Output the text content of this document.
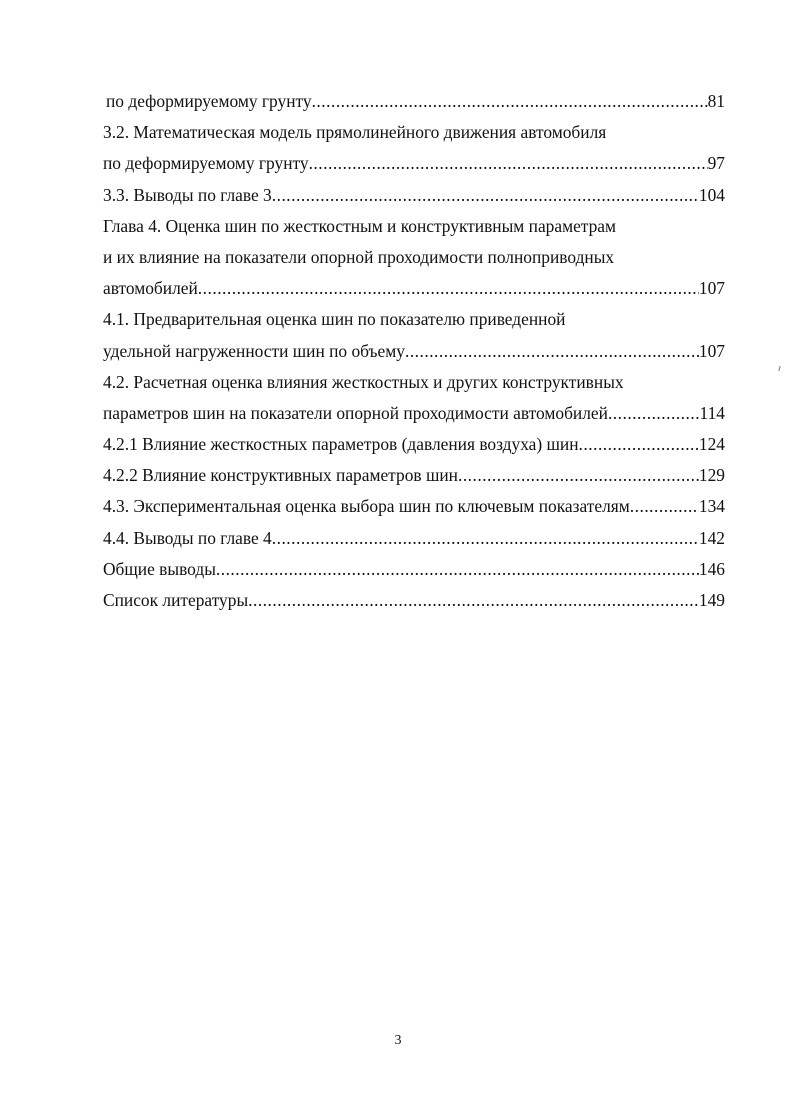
по деформируемому грунту .....	81
3.2. Математическая модель прямолинейного движения автомобиля
по деформируемому грунту .....	97
3.3. Выводы по главе 3 .....	104
Глава 4. Оценка шин по жесткостным и конструктивным параметрам
и их влияние на показатели опорной проходимости полноприводных
автомобилей .....	107
4.1. Предварительная оценка шин по показателю приведенной
удельной нагруженности шин по объему .....	107
4.2. Расчетная оценка влияния жесткостных и других конструктивных
параметров шин на показатели опорной проходимости автомобилей .....	114
4.2.1 Влияние жесткостных параметров (давления воздуха) шин .....	124
4.2.2 Влияние конструктивных параметров шин .....	129
4.3. Экспериментальная оценка выбора шин по ключевым показателям .....	134
4.4. Выводы по главе 4 .....	142
Общие выводы .....	146
Список литературы .....	149
3
